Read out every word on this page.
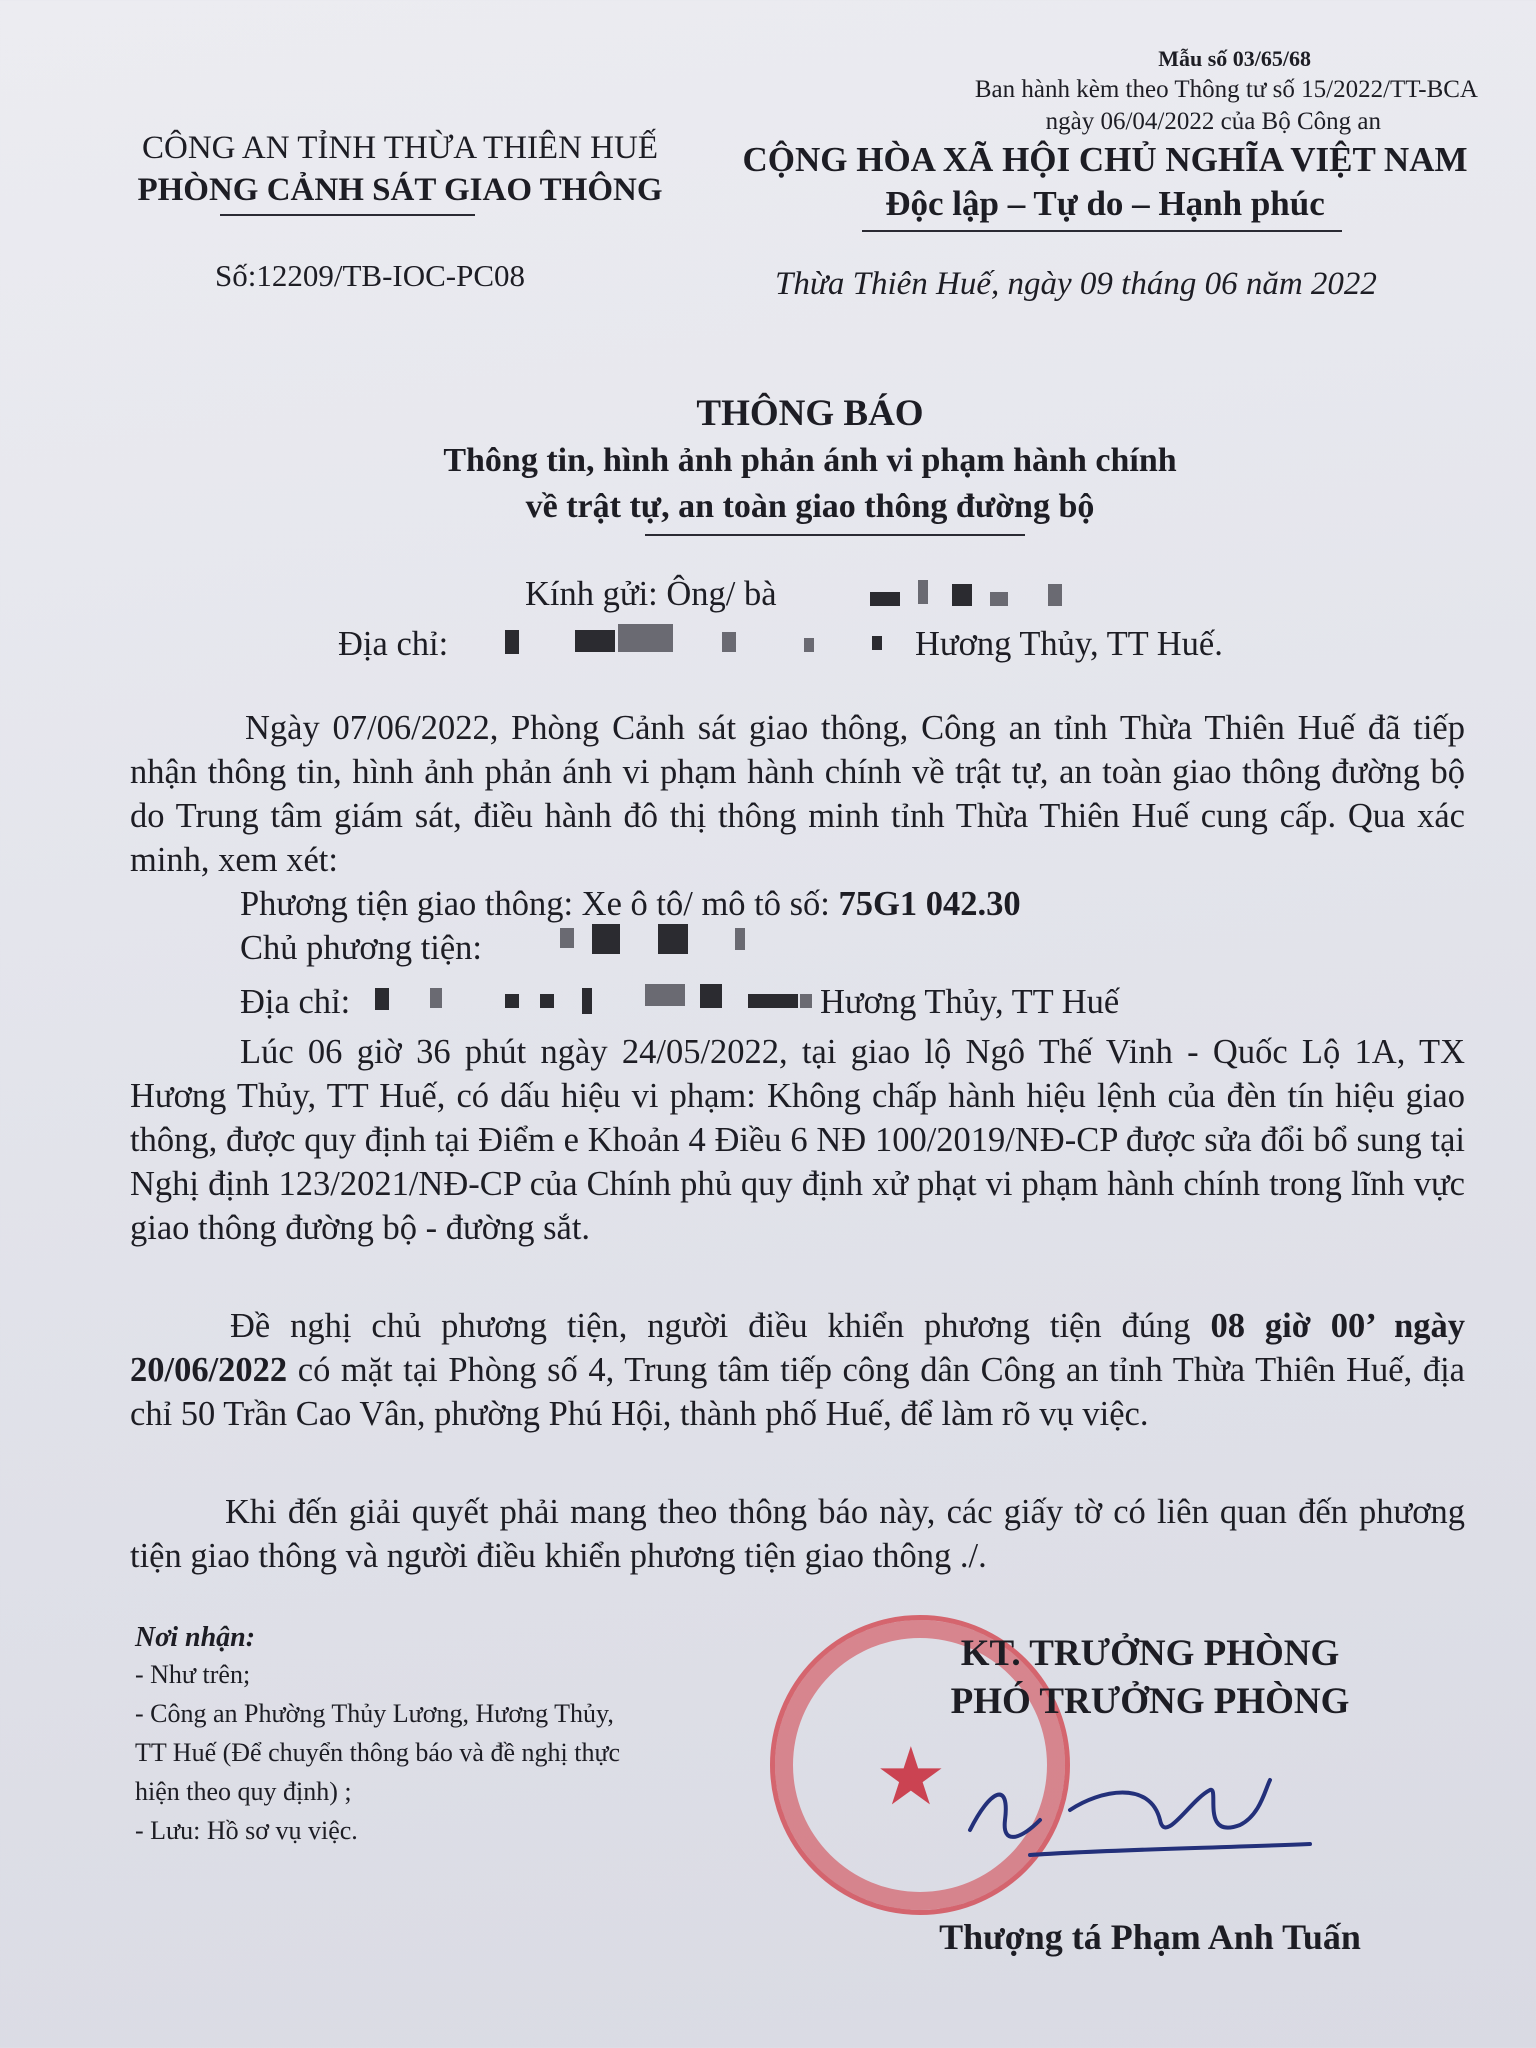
Mẫu số 03/65/68
Ban hành kèm theo Thông tư số 15/2022/TT-BCA
ngày 06/04/2022 của Bộ Công an
CÔNG AN TỈNH THỪA THIÊN HUẾ
PHÒNG CẢNH SÁT GIAO THÔNG
CỘNG HÒA XÃ HỘI CHỦ NGHĨA VIỆT NAM
Độc lập – Tự do – Hạnh phúc
Số:12209/TB-IOC-PC08	Thừa Thiên Huế, ngày 09 tháng 06 năm 2022
THÔNG BÁO
Thông tin, hình ảnh phản ánh vi phạm hành chính
về trật tự, an toàn giao thông đường bộ
Kính gửi: Ông/ bà
Địa chỉ:	Hương Thủy, TT Huế.
Ngày 07/06/2022, Phòng Cảnh sát giao thông, Công an tỉnh Thừa Thiên Huế đã tiếp nhận thông tin, hình ảnh phản ánh vi phạm hành chính về trật tự, an toàn giao thông đường bộ do Trung tâm giám sát, điều hành đô thị thông minh tỉnh Thừa Thiên Huế cung cấp. Qua xác minh, xem xét:
Phương tiện giao thông: Xe ô tô/ mô tô số: 75G1 042.30
Chủ phương tiện:
Địa chỉ:	Hương Thủy, TT Huế
Lúc 06 giờ 36 phút ngày 24/05/2022, tại giao lộ Ngô Thế Vinh - Quốc Lộ 1A, TX Hương Thủy, TT Huế, có dấu hiệu vi phạm: Không chấp hành hiệu lệnh của đèn tín hiệu giao thông, được quy định tại Điểm e Khoản 4 Điều 6 NĐ 100/2019/NĐ-CP được sửa đổi bổ sung tại Nghị định 123/2021/NĐ-CP của Chính phủ quy định xử phạt vi phạm hành chính trong lĩnh vực giao thông đường bộ - đường sắt.
Đề nghị chủ phương tiện, người điều khiển phương tiện đúng 08 giờ 00’ ngày 20/06/2022 có mặt tại Phòng số 4, Trung tâm tiếp công dân Công an tỉnh Thừa Thiên Huế, địa chỉ 50 Trần Cao Vân, phường Phú Hội, thành phố Huế, để làm rõ vụ việc.
Khi đến giải quyết phải mang theo thông báo này, các giấy tờ có liên quan đến phương tiện giao thông và người điều khiển phương tiện giao thông ./.
Nơi nhận:
- Như trên;
- Công an Phường Thủy Lương, Hương Thủy,
TT Huế (Để chuyển thông báo và đề nghị thực
hiện theo quy định) ;
- Lưu: Hồ sơ vụ việc.
★
KT. TRƯỞNG PHÒNG
PHÓ TRƯỞNG PHÒNG
Thượng tá Phạm Anh Tuấn
